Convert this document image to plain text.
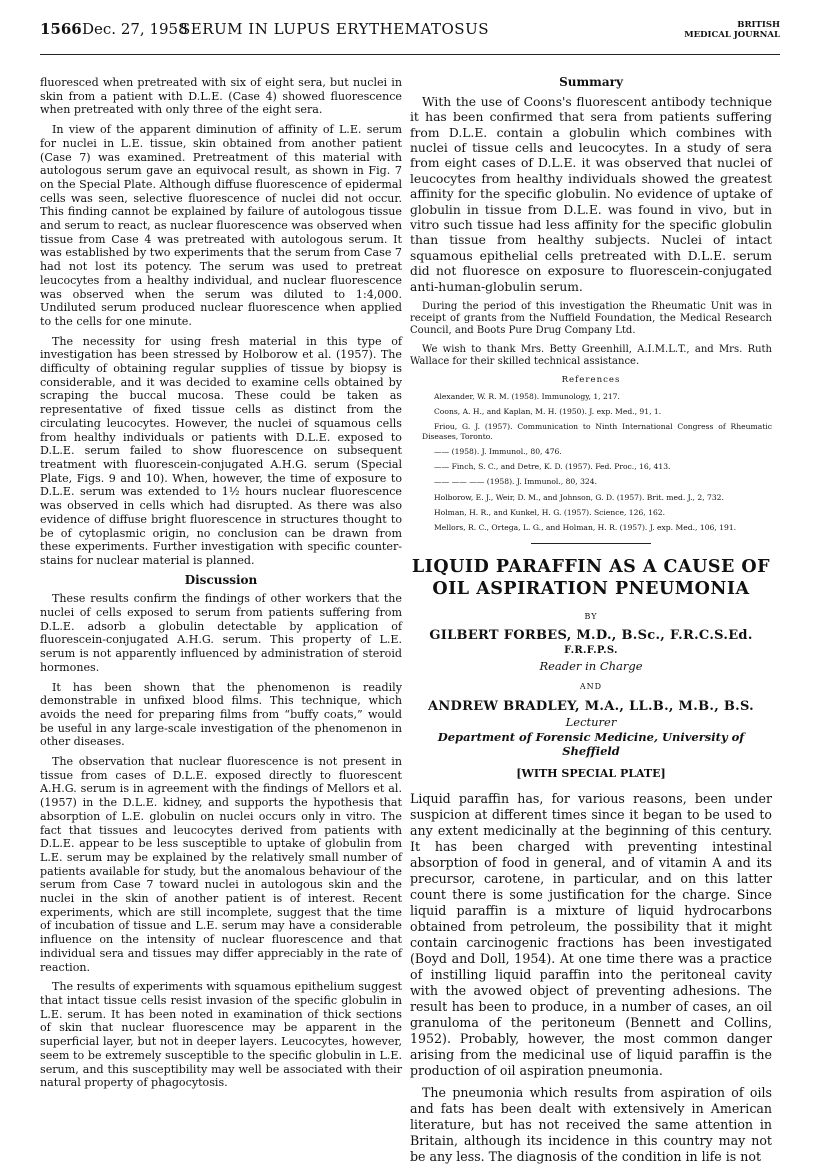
1566 Dec. 27, 1958
SERUM IN LUPUS ERYTHEMATOSUS	BRITISH
MEDICAL JOURNAL

fluoresced when pretreated with six of eight sera, but nuclei in skin from a patient with D.L.E. (Case 4) showed fluorescence when pretreated with only three of the eight sera.

In view of the apparent diminution of affinity of L.E. serum for nuclei in L.E. tissue, skin obtained from another patient (Case 7) was examined. Pretreatment of this material with autologous serum gave an equivocal result, as shown in Fig. 7 on the Special Plate. Although diffuse fluorescence of epidermal cells was seen, selective fluorescence of nuclei did not occur. This finding cannot be explained by failure of autologous tissue and serum to react, as nuclear fluorescence was observed when tissue from Case 4 was pretreated with autologous serum. It was established by two experiments that the serum from Case 7 had not lost its potency. The serum was used to pretreat leucocytes from a healthy individual, and nuclear fluorescence was observed when the serum was diluted to 1:4,000. Undiluted serum produced nuclear fluorescence when applied to the cells for one minute.

The necessity for using fresh material in this type of investigation has been stressed by Holborow et al. (1957). The difficulty of obtaining regular supplies of tissue by biopsy is considerable, and it was decided to examine cells obtained by scraping the buccal mucosa. These could be taken as representative of fixed tissue cells as distinct from the circulating leucocytes. However, the nuclei of squamous cells from healthy individuals or patients with D.L.E. exposed to D.L.E. serum failed to show fluorescence on subsequent treatment with fluorescein-conjugated A.H.G. serum (Special Plate, Figs. 9 and 10). When, however, the time of exposure to D.L.E. serum was extended to 1½ hours nuclear fluorescence was observed in cells which had disrupted. As there was also evidence of diffuse bright fluorescence in structures thought to be of cytoplasmic origin, no conclusion can be drawn from these experiments. Further investigation with specific counter-stains for nuclear material is planned.

Discussion

These results confirm the findings of other workers that the nuclei of cells exposed to serum from patients suffering from D.L.E. adsorb a globulin detectable by application of fluorescein-conjugated A.H.G. serum. This property of L.E. serum is not apparently influenced by administration of steroid hormones.

It has been shown that the phenomenon is readily demonstrable in unfixed blood films. This technique, which avoids the need for preparing films from “buffy coats,” would be useful in any large-scale investigation of the phenomenon in other diseases.

The observation that nuclear fluorescence is not present in tissue from cases of D.L.E. exposed directly to fluorescent A.H.G. serum is in agreement with the findings of Mellors et al. (1957) in the D.L.E. kidney, and supports the hypothesis that absorption of L.E. globulin on nuclei occurs only in vitro. The fact that tissues and leucocytes derived from patients with D.L.E. appear to be less susceptible to uptake of globulin from L.E. serum may be explained by the relatively small number of patients available for study, but the anomalous behaviour of the serum from Case 7 toward nuclei in autologous skin and the nuclei in the skin of another patient is of interest. Recent experiments, which are still incomplete, suggest that the time of incubation of tissue and L.E. serum may have a considerable influence on the intensity of nuclear fluorescence and that individual sera and tissues may differ appreciably in the rate of reaction.

The results of experiments with squamous epithelium suggest that intact tissue cells resist invasion of the specific globulin in L.E. serum. It has been noted in examination of thick sections of skin that nuclear fluorescence may be apparent in the superficial layer, but not in deeper layers. Leucocytes, however, seem to be extremely susceptible to the specific globulin in L.E. serum, and this susceptibility may well be associated with their natural property of phagocytosis.

Summary

With the use of Coons's fluorescent antibody technique it has been confirmed that sera from patients suffering from D.L.E. contain a globulin which combines with nuclei of tissue cells and leucocytes. In a study of sera from eight cases of D.L.E. it was observed that nuclei of leucocytes from healthy individuals showed the greatest affinity for the specific globulin. No evidence of uptake of globulin in tissue from D.L.E. was found in vivo, but in vitro such tissue had less affinity for the specific globulin than tissue from healthy subjects. Nuclei of intact squamous epithelial cells pretreated with D.L.E. serum did not fluoresce on exposure to fluorescein-conjugated anti-human-globulin serum.

During the period of this investigation the Rheumatic Unit was in receipt of grants from the Nuffield Foundation, the Medical Research Council, and Boots Pure Drug Company Ltd.

We wish to thank Mrs. Betty Greenhill, A.I.M.L.T., and Mrs. Ruth Wallace for their skilled technical assistance.

References

Alexander, W. R. M. (1958). Immunology, 1, 217.

Coons, A. H., and Kaplan, M. H. (1950). J. exp. Med., 91, 1.

Friou, G. J. (1957). Communication to Ninth International Congress of Rheumatic Diseases, Toronto.

—— (1958). J. Immunol., 80, 476.

—— Finch, S. C., and Detre, K. D. (1957). Fed. Proc., 16, 413.

—— —— —— (1958). J. Immunol., 80, 324.

Holborow, E. J., Weir, D. M., and Johnson, G. D. (1957). Brit. med. J., 2, 732.

Holman, H. R., and Kunkel, H. G. (1957). Science, 126, 162.

Mellors, R. C., Ortega, L. G., and Holman, H. R. (1957). J. exp. Med., 106, 191.

LIQUID PARAFFIN AS A CAUSE OF OIL ASPIRATION PNEUMONIA
BY
GILBERT FORBES, M.D., B.Sc., F.R.C.S.Ed.
F.R.F.P.S.
Reader in Charge
AND
ANDREW BRADLEY, M.A., LL.B., M.B., B.S.
Lecturer
Department of Forensic Medicine, University of Sheffield
[WITH SPECIAL PLATE]

Liquid paraffin has, for various reasons, been under suspicion at different times since it began to be used to any extent medicinally at the beginning of this century. It has been charged with preventing intestinal absorption of food in general, and of vitamin A and its precursor, carotene, in particular, and on this latter count there is some justification for the charge. Since liquid paraffin is a mixture of liquid hydrocarbons obtained from petroleum, the possibility that it might contain carcinogenic fractions has been investigated (Boyd and Doll, 1954). At one time there was a practice of instilling liquid paraffin into the peritoneal cavity with the avowed object of preventing adhesions. The result has been to produce, in a number of cases, an oil granuloma of the peritoneum (Bennett and Collins, 1952). Probably, however, the most common danger arising from the medicinal use of liquid paraffin is the production of oil aspiration pneumonia.

The pneumonia which results from aspiration of oils and fats has been dealt with extensively in American literature, but has not received the same attention in Britain, although its incidence in this country may not be any less. The diagnosis of the condition in life is not
